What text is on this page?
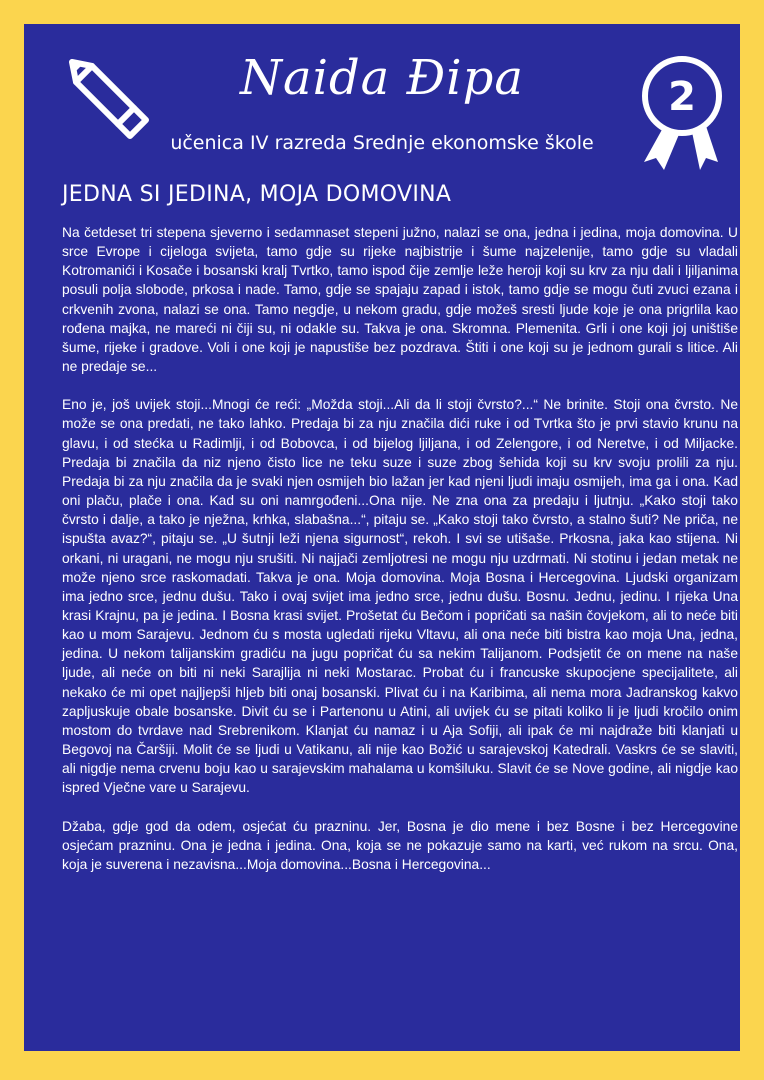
Naida Đipa
učenica IV razreda Srednje ekonomske škole
2
JEDNA SI JEDINA, MOJA DOMOVINA

Na četdeset tri stepena sjeverno i sedamnaset stepeni južno, nalazi se ona, jedna i jedina, moja domovina. U srce Evrope i cijeloga svijeta, tamo gdje su rijeke najbistrije i šume najzelenije, tamo gdje su vladali Kotromanići i Kosače i bosanski kralj Tvrtko, tamo ispod čije zemlje leže heroji koji su krv za nju dali i ljiljanima posuli polja slobode, prkosa i nade. Tamo, gdje se spajaju zapad i istok, tamo gdje se mogu čuti zvuci ezana i crkvenih zvona, nalazi se ona. Tamo negdje, u nekom gradu, gdje možeš sresti ljude koje je ona prigrlila kao rođena majka, ne mareći ni čiji su, ni odakle su. Takva je ona. Skromna. Plemenita. Grli i one koji joj uništiše šume, rijeke i gradove. Voli i one koji je napustiše bez pozdrava. Štiti i one koji su je jednom gurali s litice. Ali ne predaje se...

Eno je, još uvijek stoji...Mnogi će reći: „Možda stoji...Ali da li stoji čvrsto?...“ Ne brinite. Stoji ona čvrsto. Ne može se ona predati, ne tako lahko. Predaja bi za nju značila dići ruke i od Tvrtka što je prvi stavio krunu na glavu, i od stećka u Radimlji, i od Bobovca, i od bijelog ljiljana, i od Zelengore, i od Neretve, i od Miljacke. Predaja bi značila da niz njeno čisto lice ne teku suze i suze zbog šehida koji su krv svoju prolili za nju. Predaja bi za nju značila da je svaki njen osmijeh bio lažan jer kad njeni ljudi imaju osmijeh, ima ga i ona. Kad oni plaču, plače i ona. Kad su oni namrgođeni...Ona nije. Ne zna ona za predaju i ljutnju. „Kako stoji tako čvrsto i dalje, a tako je nježna, krhka, slabašna...“, pitaju se. „Kako stoji tako čvrsto, a stalno šuti? Ne priča, ne ispušta avaz?“, pitaju se. „U šutnji leži njena sigurnost“, rekoh. I svi se utišaše. Prkosna, jaka kao stijena. Ni orkani, ni uragani, ne mogu nju srušiti. Ni najjači zemljotresi ne mogu nju uzdrmati. Ni stotinu i jedan metak ne može njeno srce raskomadati. Takva je ona. Moja domovina. Moja Bosna i Hercegovina. Ljudski organizam ima jedno srce, jednu dušu. Tako i ovaj svijet ima jedno srce, jednu dušu. Bosnu. Jednu, jedinu. I rijeka Una krasi Krajnu, pa je jedina. I Bosna krasi svijet. Prošetat ću Bečom i popričati sa našin čovjekom, ali to neće biti kao u mom Sarajevu. Jednom ću s mosta ugledati rijeku Vltavu, ali ona neće biti bistra kao moja Una, jedna, jedina. U nekom talijanskim gradiću na jugu popričat ću sa nekim Talijanom. Podsjetit će on mene na naše ljude, ali neće on biti ni neki Sarajlija ni neki Mostarac. Probat ću i francuske skupocjene specijalitete, ali nekako će mi opet najljepši hljeb biti onaj bosanski. Plivat ću i na Karibima, ali nema mora Jadranskog kakvo zapljuskuje obale bosanske. Divit ću se i Partenonu u Atini, ali uvijek ću se pitati koliko li je ljudi kročilo onim mostom do tvrdave nad Srebrenikom. Klanjat ću namaz i u Aja Sofiji, ali ipak će mi najdraže biti klanjati u Begovoj na Čaršiji. Molit će se ljudi u Vatikanu, ali nije kao Božić u sarajevskoj Katedrali. Vaskrs će se slaviti, ali nigdje nema crvenu boju kao u sarajevskim mahalama u komšiluku. Slavit će se Nove godine, ali nigdje kao ispred Vječne vare u Sarajevu.

Džaba, gdje god da odem, osjećat ću prazninu. Jer, Bosna je dio mene i bez Bosne i bez Hercegovine osjećam prazninu. Ona je jedna i jedina. Ona, koja se ne pokazuje samo na karti, već rukom na srcu. Ona, koja je suverena i nezavisna...Moja domovina...Bosna i Hercegovina...
